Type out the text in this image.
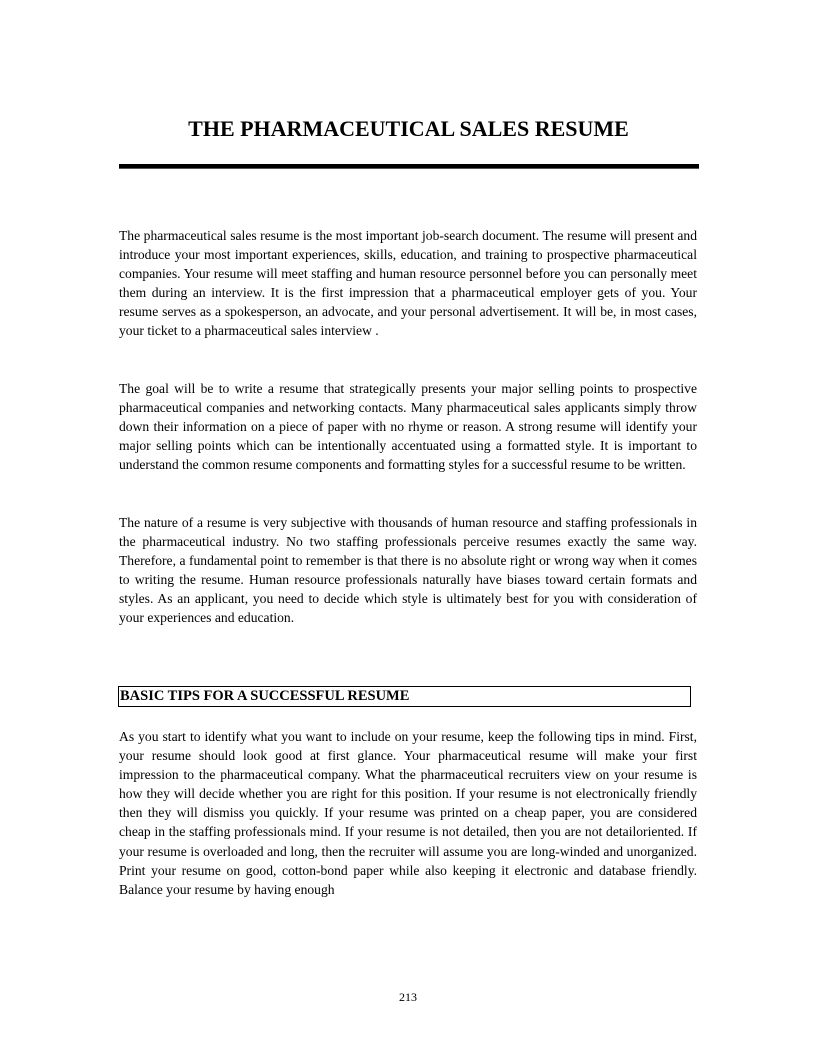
THE PHARMACEUTICAL SALES RESUME

The pharmaceutical sales resume is the most important job-search document. The resume will present and introduce your most important experiences, skills, education, and training to prospective pharmaceutical companies. Your resume will meet staffing and human resource personnel before you can personally meet them during an interview. It is the first impression that a pharmaceutical employer gets of you. Your resume serves as a spokesperson, an advocate, and your personal advertisement. It will be, in most cases, your ticket to a pharmaceutical sales interview .

The goal will be to write a resume that strategically presents your major selling points to prospective pharmaceutical companies and networking contacts. Many pharmaceutical sales applicants simply throw down their information on a piece of paper with no rhyme or reason. A strong resume will identify your major selling points which can be intentionally accentuated using a formatted style. It is important to understand the common resume components and formatting styles for a successful resume to be written.

The nature of a resume is very subjective with thousands of human resource and staffing professionals in the pharmaceutical industry. No two staffing professionals perceive resumes exactly the same way. Therefore, a fundamental point to remember is that there is no absolute right or wrong way when it comes to writing the resume. Human resource professionals naturally have biases toward certain formats and styles. As an applicant, you need to decide which style is ultimately best for you with consideration of your experiences and education.

BASIC TIPS FOR A SUCCESSFUL RESUME

As you start to identify what you want to include on your resume, keep the following tips in mind. First, your resume should look good at first glance. Your pharmaceutical resume will make your first impression to the pharmaceutical company. What the pharmaceutical recruiters view on your resume is how they will decide whether you are right for this position. If your resume is not electronically friendly then they will dismiss you quickly. If your resume was printed on a cheap paper, you are considered cheap in the staffing professionals mind. If your resume is not detailed, then you are not detailoriented. If your resume is overloaded and long, then the recruiter will assume you are long-winded and unorganized. Print your resume on good, cotton-bond paper while also keeping it electronic and database friendly. Balance your resume by having enough

213
